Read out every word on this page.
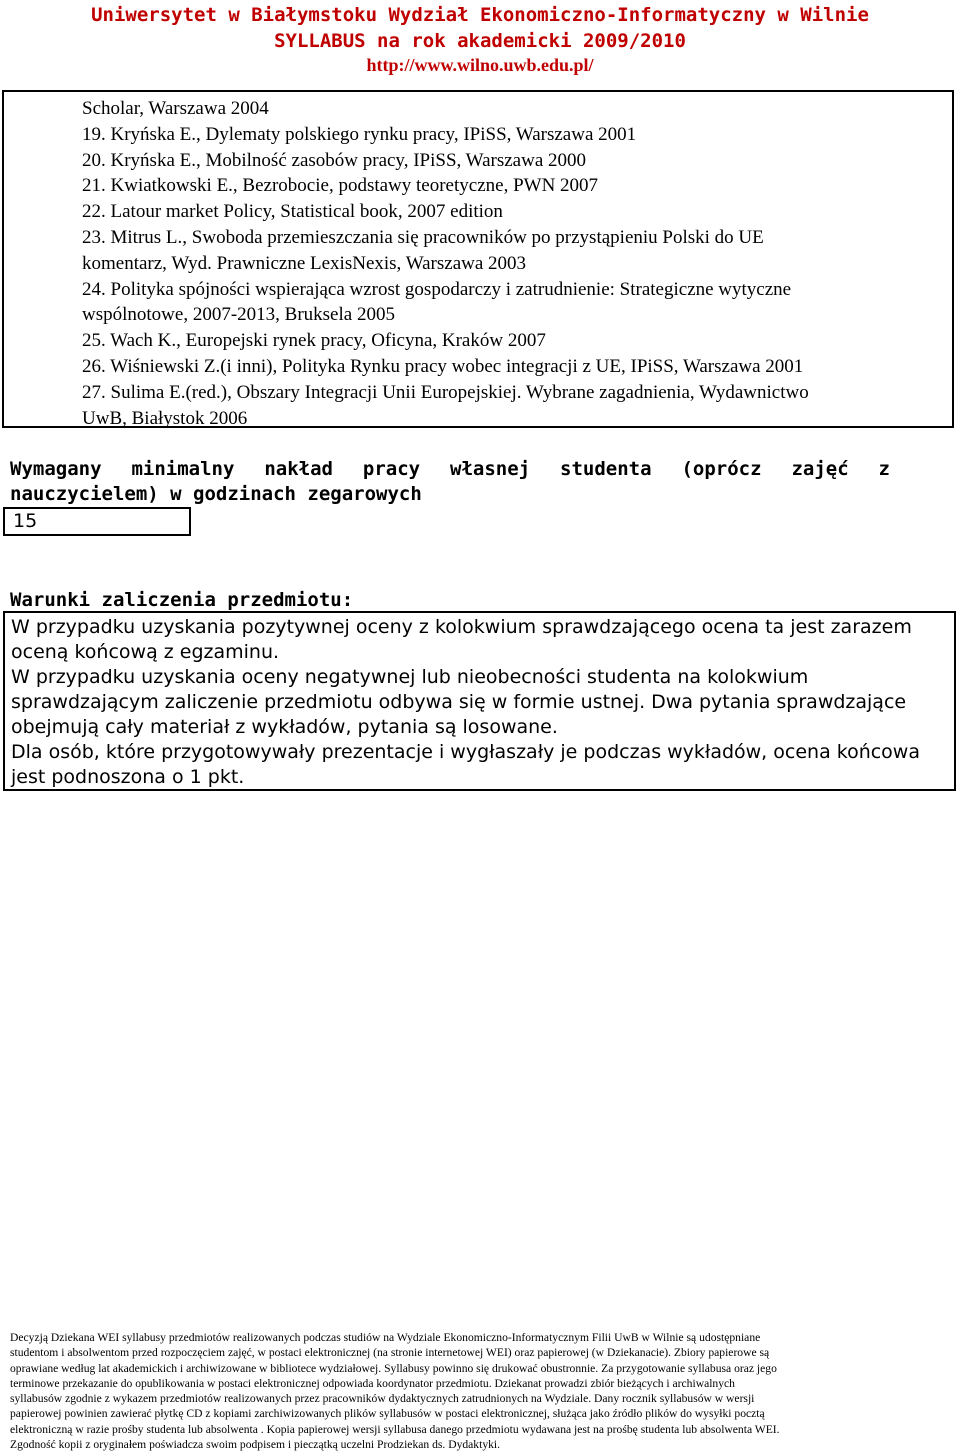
Uniwersytet w Białymstoku Wydział Ekonomiczno-Informatyczny w Wilnie
SYLLABUS na rok akademicki 2009/2010
http://www.wilno.uwb.edu.pl/

Scholar, Warszawa 2004

19. Kryńska E., Dylematy polskiego rynku pracy, IPiSS, Warszawa 2001

20. Kryńska E., Mobilność zasobów pracy, IPiSS, Warszawa 2000

21. Kwiatkowski E., Bezrobocie, podstawy teoretyczne, PWN 2007

22. Latour market Policy, Statistical book, 2007 edition

23. Mitrus L., Swoboda przemieszczania się pracowników po przystąpieniu Polski do UE
komentarz, Wyd. Prawniczne LexisNexis, Warszawa 2003

24. Polityka spójności wspierająca wzrost gospodarczy i zatrudnienie: Strategiczne wytyczne
wspólnotowe, 2007-2013, Bruksela 2005

25. Wach K., Europejski rynek pracy, Oficyna, Kraków 2007

26. Wiśniewski Z.(i inni), Polityka Rynku pracy wobec integracji z UE, IPiSS, Warszawa 2001

27. Sulima E.(red.), Obszary Integracji Unii Europejskiej. Wybrane zagadnienia, Wydawnictwo
UwB, Białystok 2006

Wymagany minimalny nakład pracy własnej studenta (oprócz zajęć z nauczycielem) w godzinach zegarowych
15
Warunki zaliczenia przedmiotu:

W przypadku uzyskania pozytywnej oceny z kolokwium sprawdzającego ocena ta jest zarazem oceną końcową z egzaminu.

W przypadku uzyskania oceny negatywnej lub nieobecności studenta na kolokwium sprawdzającym zaliczenie przedmiotu odbywa się w formie ustnej. Dwa pytania sprawdzające obejmują cały materiał z wykładów, pytania są losowane.

Dla osób, które przygotowywały prezentacje i wygłaszały je podczas wykładów, ocena końcowa jest podnoszona o 1 pkt.

Decyzją Dziekana WEI syllabusy przedmiotów realizowanych podczas studiów na Wydziale Ekonomiczno-Informatycznym Filii UwB w Wilnie są udostępniane

studentom i absolwentom przed rozpoczęciem zajęć, w postaci elektronicznej (na stronie internetowej WEI) oraz papierowej (w Dziekanacie). Zbiory papierowe są

oprawiane według lat akademickich i archiwizowane w bibliotece wydziałowej. Syllabusy powinno się drukować obustronnie. Za przygotowanie syllabusa oraz jego

terminowe przekazanie do opublikowania w postaci elektronicznej odpowiada koordynator przedmiotu. Dziekanat prowadzi zbiór bieżących i archiwalnych

syllabusów zgodnie z wykazem przedmiotów realizowanych przez pracowników dydaktycznych zatrudnionych na Wydziale. Dany rocznik syllabusów w wersji

papierowej powinien zawierać płytkę CD z kopiami zarchiwizowanych plików syllabusów w postaci elektronicznej, służąca jako źródło plików do wysyłki pocztą

elektroniczną w razie prośby studenta lub absolwenta . Kopia papierowej wersji syllabusa danego przedmiotu wydawana jest na prośbę studenta lub absolwenta WEI.

Zgodność kopii z oryginałem poświadcza swoim podpisem i pieczątką uczelni Prodziekan ds. Dydaktyki.
